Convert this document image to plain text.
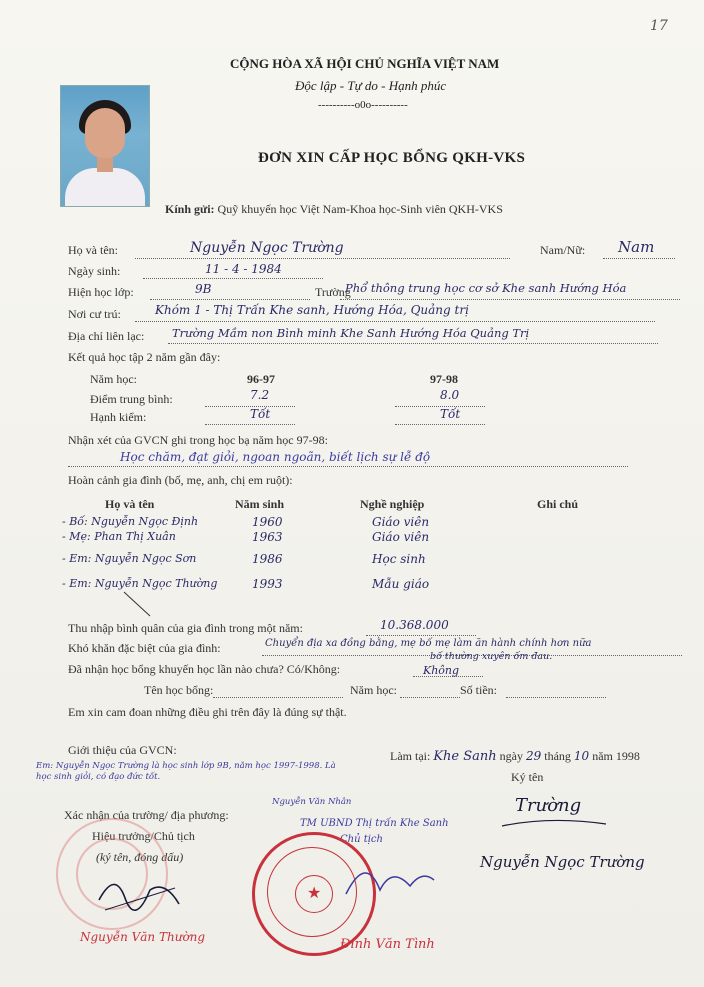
17
CỘNG HÒA XÃ HỘI CHỦ NGHĨA VIỆT NAM
Độc lập - Tự do - Hạnh phúc
----------o0o----------
ĐƠN XIN CẤP HỌC BỔNG QKH-VKS
Kính gửi: Quỹ khuyến học Việt Nam-Khoa học-Sinh viên QKH-VKS
Họ và tên:	Nguyễn Ngọc Trường	Nam/Nữ: Nam
Ngày sinh:	11 - 4 - 1984
Hiện học lớp:	9B	Trường
Phổ thông trung học cơ sở Khe sanh Hướng Hóa
Nơi cư trú:	Khóm 1 - Thị Trấn Khe sanh, Hướng Hóa, Quảng trị
Địa chỉ liên lạc: Trường Mầm non Bình minh Khe Sanh Hướng Hóa Quảng Trị
Kết quả học tập 2 năm gần đây:
Năm học:	96-97	97-98
Điểm trung bình:	7.2	8.0
Hạnh kiểm:	Tốt	Tốt
Nhận xét của GVCN ghi trong học bạ năm học 97-98:
Học chăm, đạt giỏi, ngoan ngoãn, biết lịch sự lễ độ
Hoàn cảnh gia đình (bố, mẹ, anh, chị em ruột):
Họ và tên	Năm sinh	Nghề nghiệp	Ghi chú
- Bố: Nguyễn Ngọc Định	1960	Giáo viên
- Mẹ: Phan Thị Xuân	1963	Giáo viên
- Em: Nguyễn Ngọc Sơn	1986	Học sinh
- Em: Nguyễn Ngọc Thường	1993	Mẫu giáo
Thu nhập bình quân của gia đình trong một năm:	10.368.000
Khó khăn đặc biệt của gia đình:	Chuyển địa xa đồng bằng, mẹ bố mẹ làm ăn hành chính hơn nữa
bố thường xuyên ốm đau.
Đã nhận học bổng khuyến học lần nào chưa? Có/Không:	Không
Tên học bổng:	Năm học:	Số tiền:
Em xin cam đoan những điều ghi trên đây là đúng sự thật.
Giới thiệu của GVCN:
Em: Nguyễn Ngọc Trường là học sinh lớp 9B, năm học 1997-1998. Là học sinh giỏi, có đạo đức tốt.
Nguyễn Văn Nhân
Làm tại: Khe Sanh ngày 29 tháng 10 năm 1998
Ký tên
Trường
Nguyễn Ngọc Trường
Xác nhận của trường/ địa phương:
Hiệu trưởng/Chủ tịch
(ký tên, đóng dấu)
TM UBND Thị trấn Khe Sanh
Chủ tịch
★
Nguyễn Văn Thường	Đinh Văn Tình
